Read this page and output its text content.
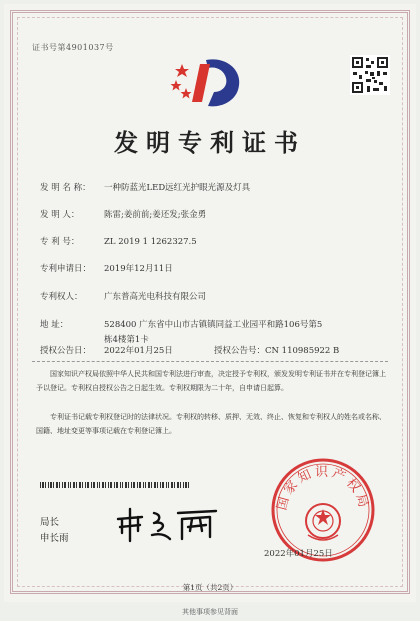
证书号第4901037号
发明专利证书
发 明 名 称： 一种防蓝光LED远红光护眼光源及灯具
发 明 人：	陈雷;姜前前;姜还发;张金勇
专 利 号：	ZL 2019 1 1262327.5
专利申请日： 2019年12月11日
专利权人：	广东普高光电科技有限公司
地 址：	528400 广东省中山市古镇镇同益工业园平和路106号第5
栋4楼第1卡
授权公告日： 2022年01月25日	授权公告号：CN 110985922 B
国家知识产权局依照中华人民共和国专利法进行审查，决定授予专利权，颁发发明专利证书并在专利登记簿上予以登记。专利权自授权公告之日起生效。专利权期限为二十年，自申请日起算。
专利证书记载专利权登记时的法律状况。专利权的转移、质押、无效、终止、恢复和专利权人的姓名或名称、国籍、地址变更等事项记载在专利登记簿上。
局长
申长雨
国家知识产权局
2022年01月25日
第1页（共2页）
其他事项参见背面
